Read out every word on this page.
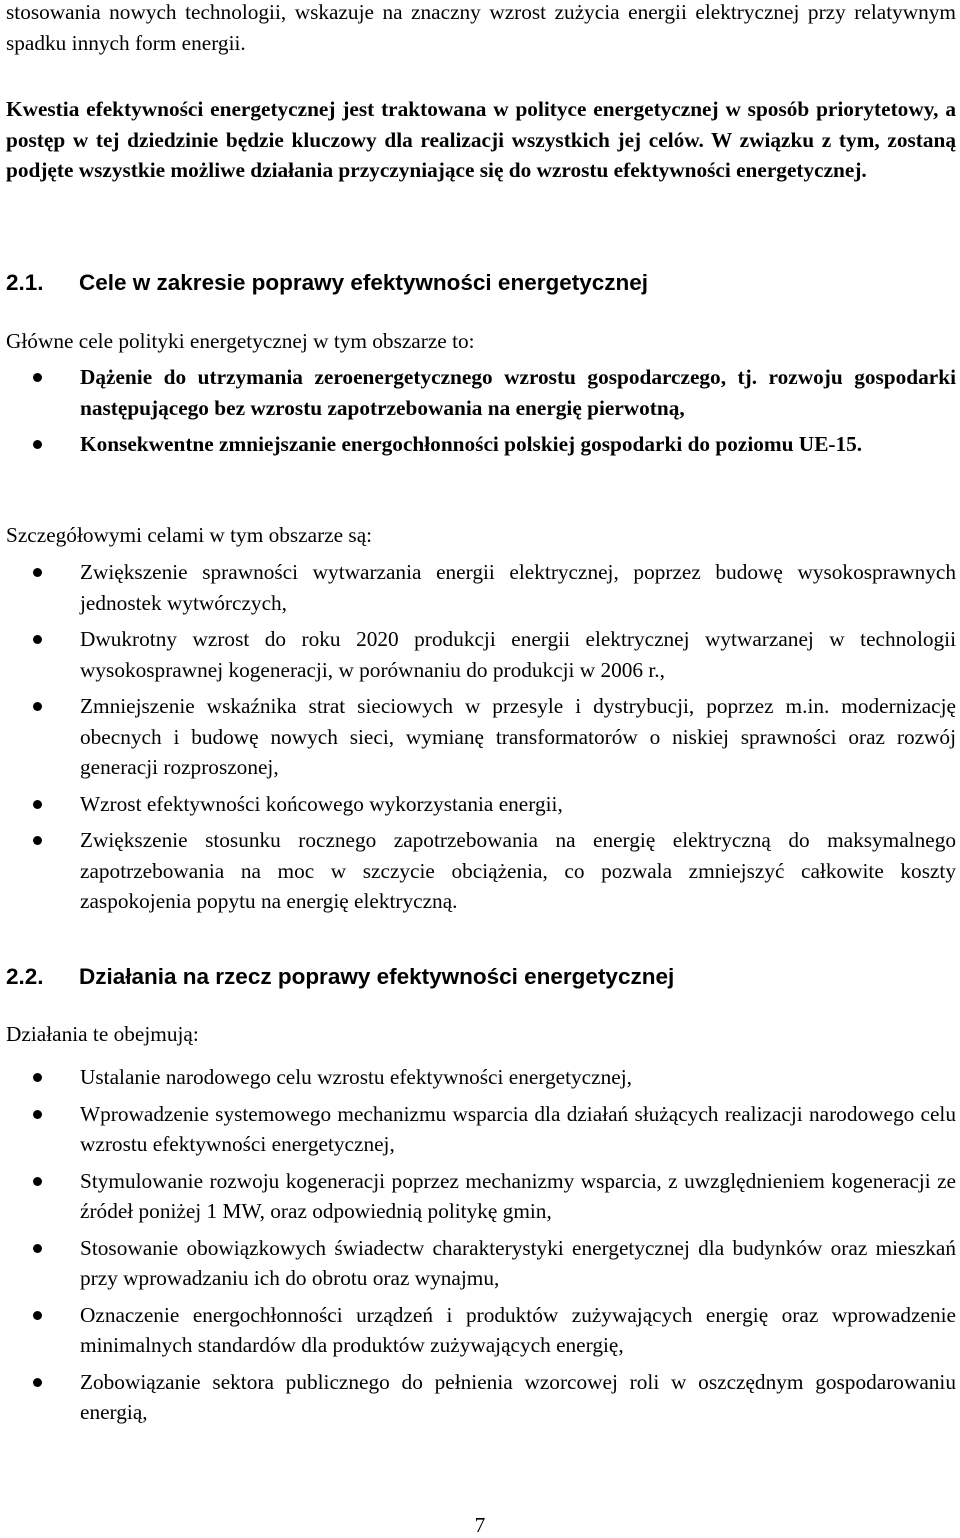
stosowania nowych technologii, wskazuje na znaczny wzrost zużycia energii elektrycznej przy relatywnym spadku innych form energii.

Kwestia efektywności energetycznej jest traktowana w polityce energetycznej w sposób priorytetowy, a postęp w tej dziedzinie będzie kluczowy dla realizacji wszystkich jej celów. W związku z tym, zostaną podjęte wszystkie możliwe działania przyczyniające się do wzrostu efektywności energetycznej.

2.1. Cele w zakresie poprawy efektywności energetycznej

Główne cele polityki energetycznej w tym obszarze to:

Dążenie do utrzymania zeroenergetycznego wzrostu gospodarczego, tj. rozwoju gospodarki następującego bez wzrostu zapotrzebowania na energię pierwotną,
Konsekwentne zmniejszanie energochłonności polskiej gospodarki do poziomu UE-15.

Szczegółowymi celami w tym obszarze są:

Zwiększenie sprawności wytwarzania energii elektrycznej, poprzez budowę wysokosprawnych jednostek wytwórczych,
Dwukrotny wzrost do roku 2020 produkcji energii elektrycznej wytwarzanej w technologii wysokosprawnej kogeneracji, w porównaniu do produkcji w 2006 r.,
Zmniejszenie wskaźnika strat sieciowych w przesyle i dystrybucji, poprzez m.in. modernizację obecnych i budowę nowych sieci, wymianę transformatorów o niskiej sprawności oraz rozwój generacji rozproszonej,
Wzrost efektywności końcowego wykorzystania energii,
Zwiększenie stosunku rocznego zapotrzebowania na energię elektryczną do maksymalnego zapotrzebowania na moc w szczycie obciążenia, co pozwala zmniejszyć całkowite koszty zaspokojenia popytu na energię elektryczną.
2.2. Działania na rzecz poprawy efektywności energetycznej

Działania te obejmują:

Ustalanie narodowego celu wzrostu efektywności energetycznej,
Wprowadzenie systemowego mechanizmu wsparcia dla działań służących realizacji narodowego celu wzrostu efektywności energetycznej,
Stymulowanie rozwoju kogeneracji poprzez mechanizmy wsparcia, z uwzględnieniem kogeneracji ze źródeł poniżej 1 MW, oraz odpowiednią politykę gmin,
Stosowanie obowiązkowych świadectw charakterystyki energetycznej dla budynków oraz mieszkań przy wprowadzaniu ich do obrotu oraz wynajmu,
Oznaczenie energochłonności urządzeń i produktów zużywających energię oraz wprowadzenie minimalnych standardów dla produktów zużywających energię,
Zobowiązanie sektora publicznego do pełnienia wzorcowej roli w oszczędnym gospodarowaniu energią,
7
